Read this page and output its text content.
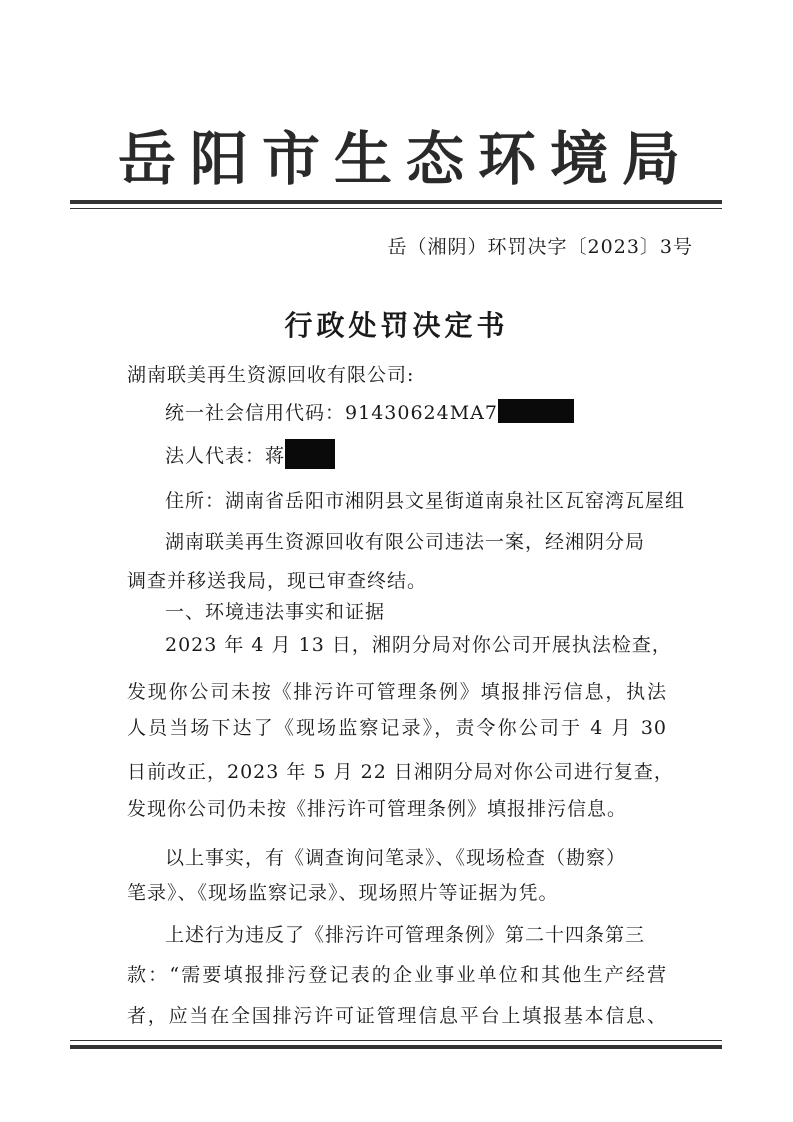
岳阳市生态环境局
岳（湘阴）环罚决字〔2023〕3号
行政处罚决定书
湖南联美再生资源回收有限公司:
统一社会信用代码：91430624MA7
法人代表：蒋
住所：湖南省岳阳市湘阴县文星街道南泉社区瓦窑湾瓦屋组
湖南联美再生资源回收有限公司违法一案，经湘阴分局
调查并移送我局，现已审查终结。
一、环境违法事实和证据
2023 年 4 月 13 日，湘阴分局对你公司开展执法检查，
发现你公司未按《排污许可管理条例》填报排污信息，执法
人员当场下达了《现场监察记录》，责令你公司于 4 月 30
日前改正，2023 年 5 月 22 日湘阴分局对你公司进行复查，
发现你公司仍未按《排污许可管理条例》填报排污信息。
以上事实，有《调查询问笔录》、《现场检查（勘察）
笔录》、《现场监察记录》、现场照片等证据为凭。
上述行为违反了《排污许可管理条例》第二十四条第三
款：“需要填报排污登记表的企业事业单位和其他生产经营
者，应当在全国排污许可证管理信息平台上填报基本信息、
